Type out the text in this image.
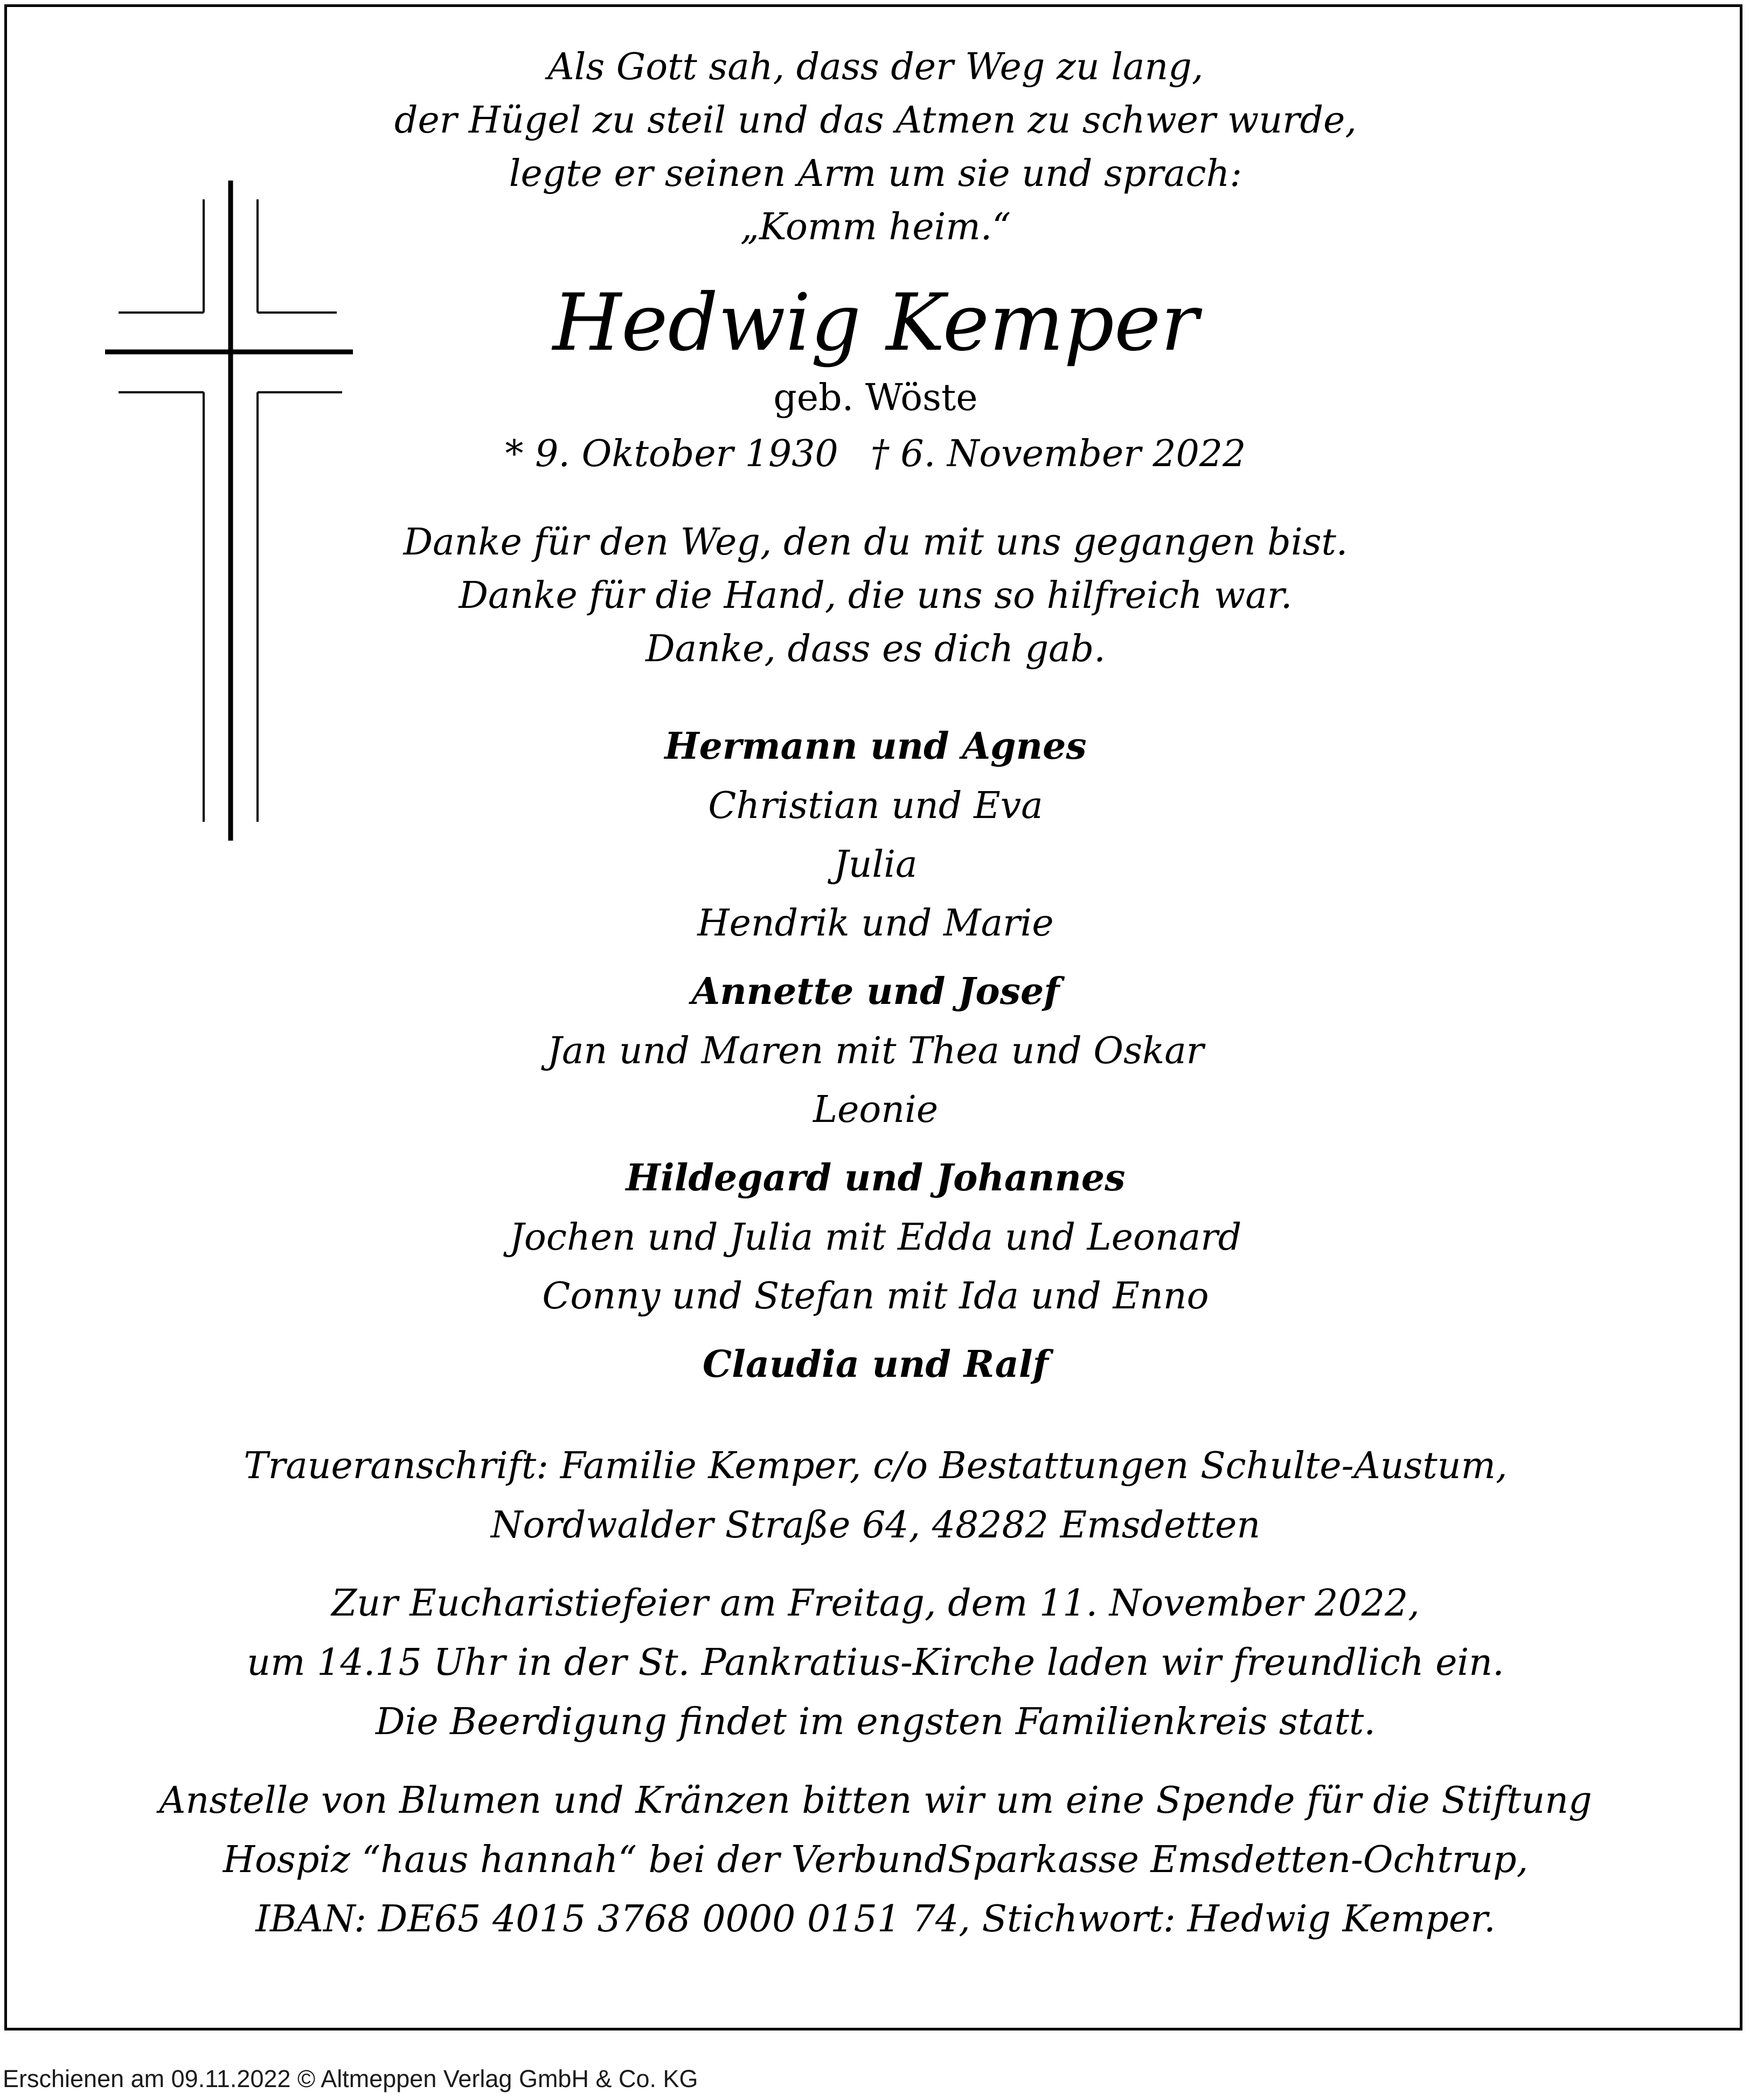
Als Gott sah, dass der Weg zu lang,
der Hügel zu steil und das Atmen zu schwer wurde,
legte er seinen Arm um sie und sprach:
„Komm heim.“
Hedwig Kemper
geb. Wöste
* 9. Oktober 1930 † 6. November 2022
Danke für den Weg, den du mit uns gegangen bist.
Danke für die Hand, die uns so hilfreich war.
Danke, dass es dich gab.
Hermann und Agnes
Christian und Eva
Julia
Hendrik und Marie
Annette und Josef
Jan und Maren mit Thea und Oskar
Leonie
Hildegard und Johannes
Jochen und Julia mit Edda und Leonard
Conny und Stefan mit Ida und Enno
Claudia und Ralf
Traueranschrift: Familie Kemper, c/o Bestattungen Schulte-Austum,
Nordwalder Straße 64, 48282 Emsdetten
Zur Eucharistiefeier am Freitag, dem 11. November 2022,
um 14.15 Uhr in der St. Pankratius-Kirche laden wir freundlich ein.
Die Beerdigung findet im engsten Familienkreis statt.
Anstelle von Blumen und Kränzen bitten wir um eine Spende für die Stiftung
Hospiz “haus hannah“ bei der VerbundSparkasse Emsdetten-Ochtrup,
IBAN: DE65 4015 3768 0000 0151 74, Stichwort: Hedwig Kemper.
Erschienen am 09.11.2022 © Altmeppen Verlag GmbH & Co. KG
